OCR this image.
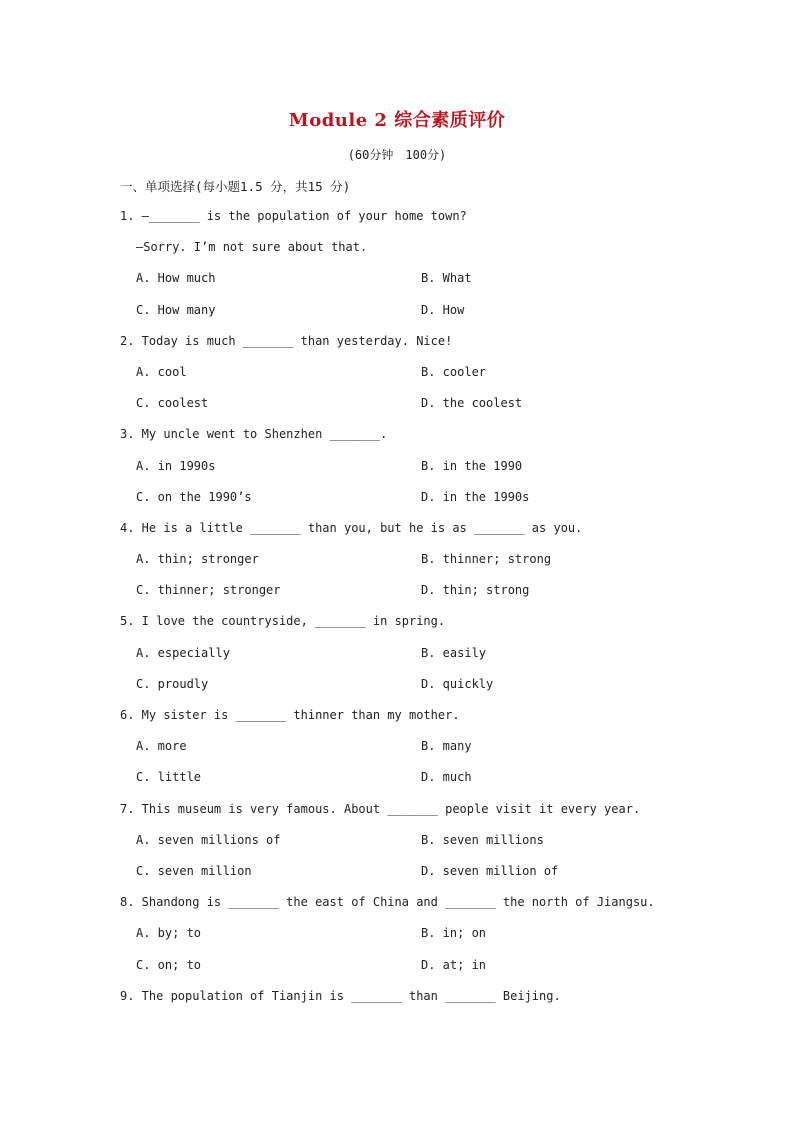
Module 2 综合素质评价
(60分钟　100分)
一、单项选择(每小题1.5 分，共15 分)
1. —_______ is the population of your home town?
—Sorry. I’m not sure about that.
A. How much	B. What
C. How many	D. How
2. Today is much _______ than yesterday. Nice!
A. cool	B. cooler
C. coolest	D. the coolest
3. My uncle went to Shenzhen _______.
A. in 1990s	B. in the 1990
C. on the 1990’s	D. in the 1990s
4. He is a little _______ than you, but he is as _______ as you.
A. thin; stronger	B. thinner; strong
C. thinner; stronger	D. thin; strong
5. I love the countryside, _______ in spring.
A. especially	B. easily
C. proudly	D. quickly
6. My sister is _______ thinner than my mother.
A. more	B. many
C. little	D. much
7. This museum is very famous. About _______ people visit it every year.
A. seven millions of	B. seven millions
C. seven million	D. seven million of
8. Shandong is _______ the east of China and _______ the north of Jiangsu.
A. by; to	B. in; on
C. on; to	D. at; in
9. The population of Tianjin is _______ than _______ Beijing.
